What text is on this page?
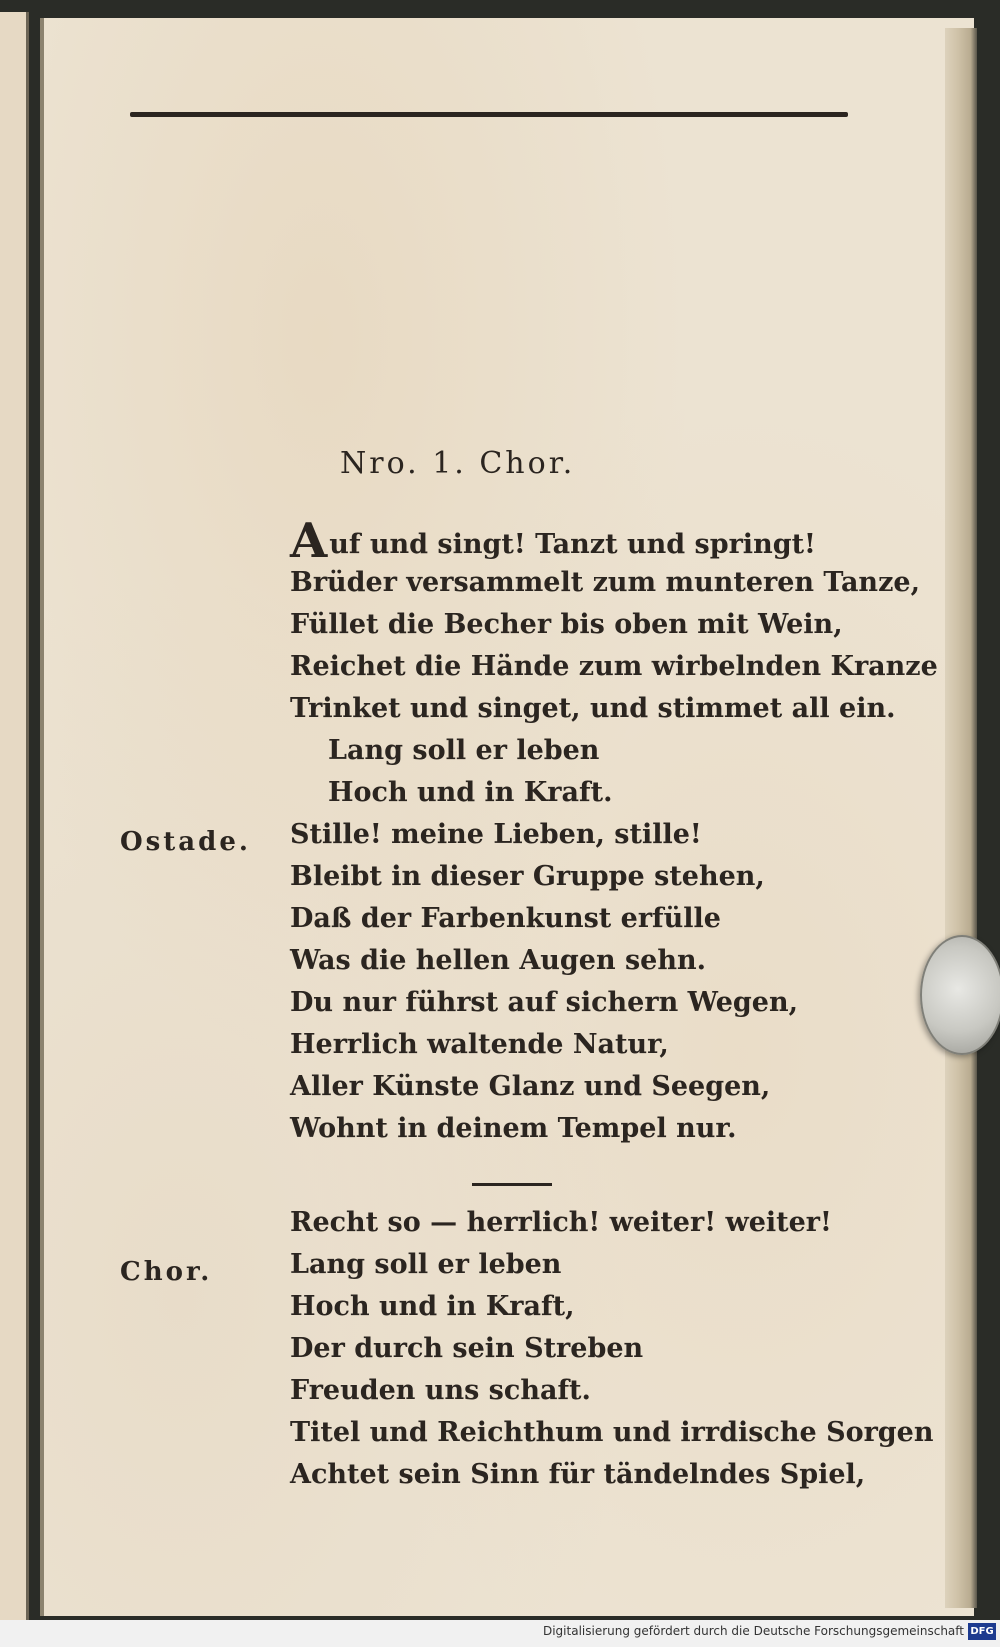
Nro. 1. Chor.
Auf und singt! Tanzt und springt!
Brüder versammelt zum munteren Tanze,
Füllet die Becher bis oben mit Wein,
Reichet die Hände zum wirbelnden Kranze
Trinket und singet, und stimmet all ein.
Lang soll er leben
Hoch und in Kraft.
Ostade. Stille! meine Lieben, stille!
Bleibt in dieser Gruppe stehen,
Daß der Farbenkunst erfülle
Was die hellen Augen sehn.
Du nur führst auf sichern Wegen,
Herrlich waltende Natur,
Aller Künste Glanz und Seegen,
Wohnt in deinem Tempel nur.
Recht so — herrlich! weiter! weiter!
Chor.	Lang soll er leben
Hoch und in Kraft,
Der durch sein Streben
Freuden uns schaft.
Titel und Reichthum und irrdische Sorgen
Achtet sein Sinn für tändelndes Spiel,
Digitalisierung gefördert durch die Deutsche Forschungsgemeinschaft DFG
